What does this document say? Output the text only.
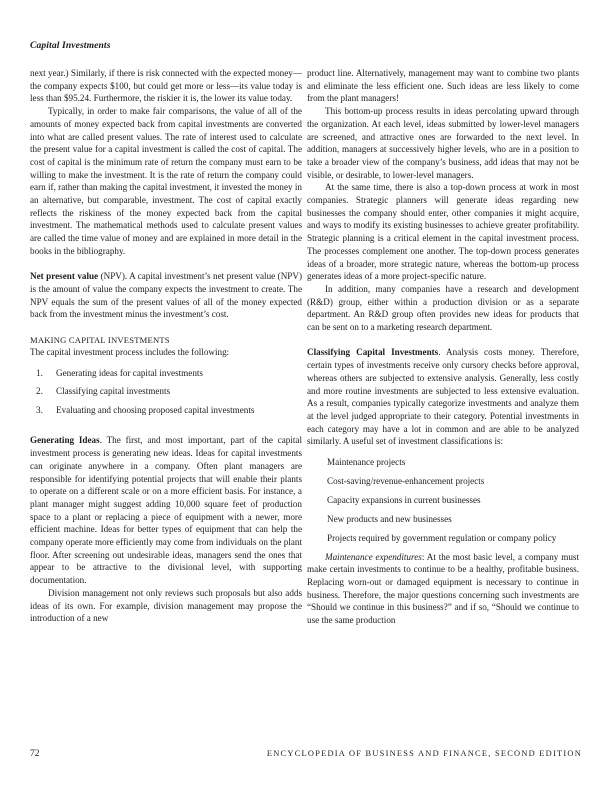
Capital Investments

next year.) Similarly, if there is risk connected with the expected money—the company expects $100, but could get more or less—its value today is less than $95.24. Furthermore, the riskier it is, the lower its value today.

Typically, in order to make fair comparisons, the value of all of the amounts of money expected back from capital investments are converted into what are called present values. The rate of interest used to calculate the present value for a capital investment is called the cost of capital. The cost of capital is the minimum rate of return the company must earn to be willing to make the investment. It is the rate of return the company could earn if, rather than making the capital investment, it invested the money in an alternative, but comparable, investment. The cost of capital exactly reflects the riskiness of the money expected back from the capital investment. The mathematical methods used to calculate present values are called the time value of money and are explained in more detail in the books in the bibliography.

Net present value (NPV). A capital investment’s net present value (NPV) is the amount of value the company expects the investment to create. The NPV equals the sum of the present values of all of the money expected back from the investment minus the investment’s cost.

MAKING CAPITAL INVESTMENTS

The capital investment process includes the following:

1.	Generating ideas for capital investments
2.	Classifying capital investments
3.	Evaluating and choosing proposed capital investments

Generating Ideas. The first, and most important, part of the capital investment process is generating new ideas. Ideas for capital investments can originate anywhere in a company. Often plant managers are responsible for identifying potential projects that will enable their plants to operate on a different scale or on a more efficient basis. For instance, a plant manager might suggest adding 10,000 square feet of production space to a plant or replacing a piece of equipment with a newer, more efficient machine. Ideas for better types of equipment that can help the company operate more efficiently may come from individuals on the plant floor. After screening out undesirable ideas, managers send the ones that appear to be attractive to the divisional level, with supporting documentation.

Division management not only reviews such proposals but also adds ideas of its own. For example, division management may propose the introduction of a new

product line. Alternatively, management may want to combine two plants and eliminate the less efficient one. Such ideas are less likely to come from the plant managers!

This bottom-up process results in ideas percolating upward through the organization. At each level, ideas submitted by lower-level managers are screened, and attractive ones are forwarded to the next level. In addition, managers at successively higher levels, who are in a position to take a broader view of the company’s business, add ideas that may not be visible, or desirable, to lower-level managers.

At the same time, there is also a top-down process at work in most companies. Strategic planners will generate ideas regarding new businesses the company should enter, other companies it might acquire, and ways to modify its existing businesses to achieve greater profitability. Strategic planning is a critical element in the capital investment process. The processes complement one another. The top-down process generates ideas of a broader, more strategic nature, whereas the bottom-up process generates ideas of a more project-specific nature.

In addition, many companies have a research and development (R&D) group, either within a production division or as a separate department. An R&D group often provides new ideas for products that can be sent on to a marketing research department.

Classifying Capital Investments. Analysis costs money. Therefore, certain types of investments receive only cursory checks before approval, whereas others are subjected to extensive analysis. Generally, less costly and more routine investments are subjected to less extensive evaluation. As a result, companies typically categorize investments and analyze them at the level judged appropriate to their category. Potential investments in each category may have a lot in common and are able to be analyzed similarly. A useful set of investment classifications is:

Maintenance projects
Cost-saving/revenue-enhancement projects
Capacity expansions in current businesses
New products and new businesses
Projects required by government regulation or company policy

Maintenance expenditures: At the most basic level, a company must make certain investments to continue to be a healthy, profitable business. Replacing worn-out or damaged equipment is necessary to continue in business. Therefore, the major questions concerning such investments are “Should we continue in this business?” and if so, “Should we continue to use the same production

72	ENCYCLOPEDIA OF BUSINESS AND FINANCE, SECOND EDITION
